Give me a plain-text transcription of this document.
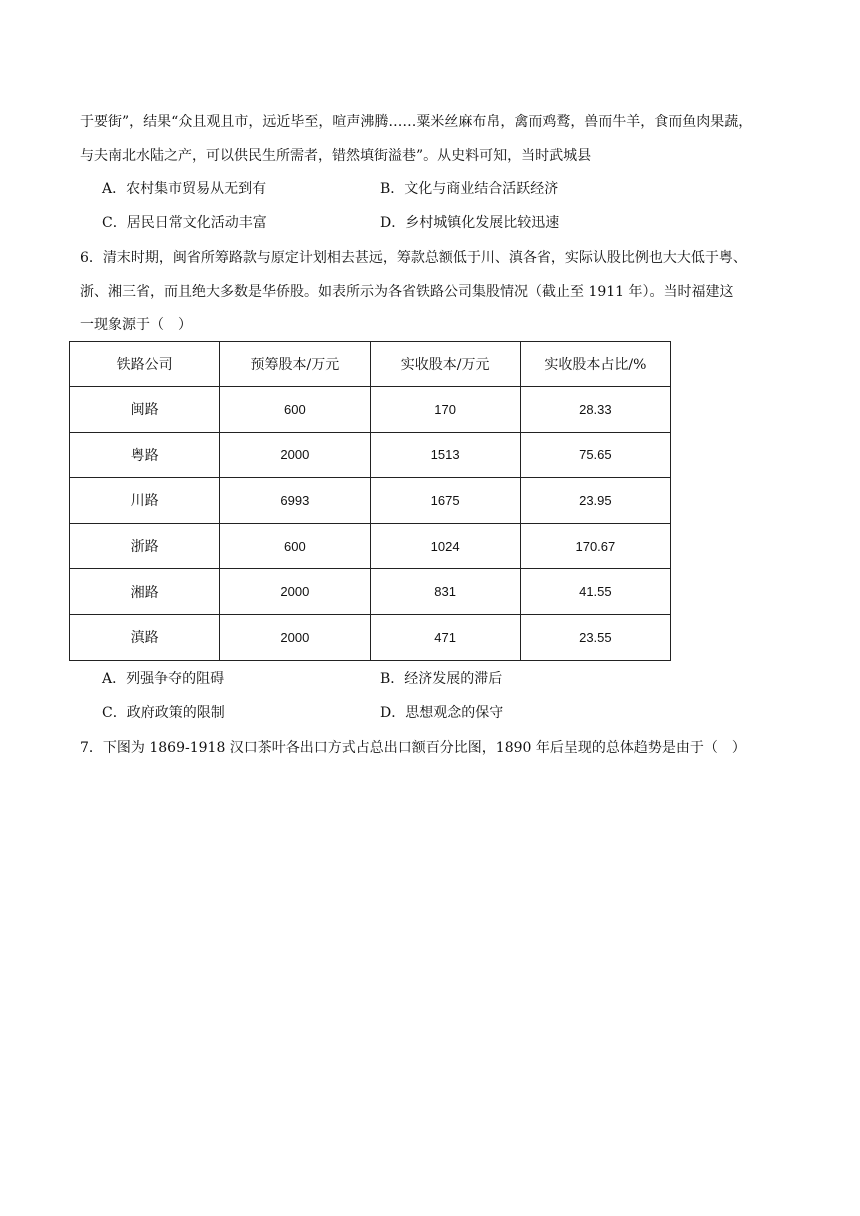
于要街”，结果“众且观且市，远近毕至，喧声沸腾……粟米丝麻布帛，禽而鸡鹜，兽而牛羊，食而鱼肉果蔬，
与夫南北水陆之产，可以供民生所需者，错然填街溢巷”。从史料可知，当时武城县
A．农村集市贸易从无到有	B．文化与商业结合活跃经济
C．居民日常文化活动丰富	D．乡村城镇化发展比较迅速
6．清末时期，闽省所筹路款与原定计划相去甚远，筹款总额低于川、滇各省，实际认股比例也大大低于粤、
浙、湘三省，而且绝大多数是华侨股。如表所示为各省铁路公司集股情况（截止至 1911 年）。当时福建这
一现象源于（　）
铁路公司	预筹股本/万元	实收股本/万元	实收股本占比/%
闽路	600	170	28.33
粤路	2000	1513	75.65
川路	6993	1675	23.95
浙路	600	1024	170.67
湘路	2000	831	41.55
滇路	2000	471	23.55
A．列强争夺的阻碍	B．经济发展的滞后
C．政府政策的限制	D．思想观念的保守
7．下图为 1869-1918 汉口茶叶各出口方式占总出口额百分比图，1890 年后呈现的总体趋势是由于（　）
